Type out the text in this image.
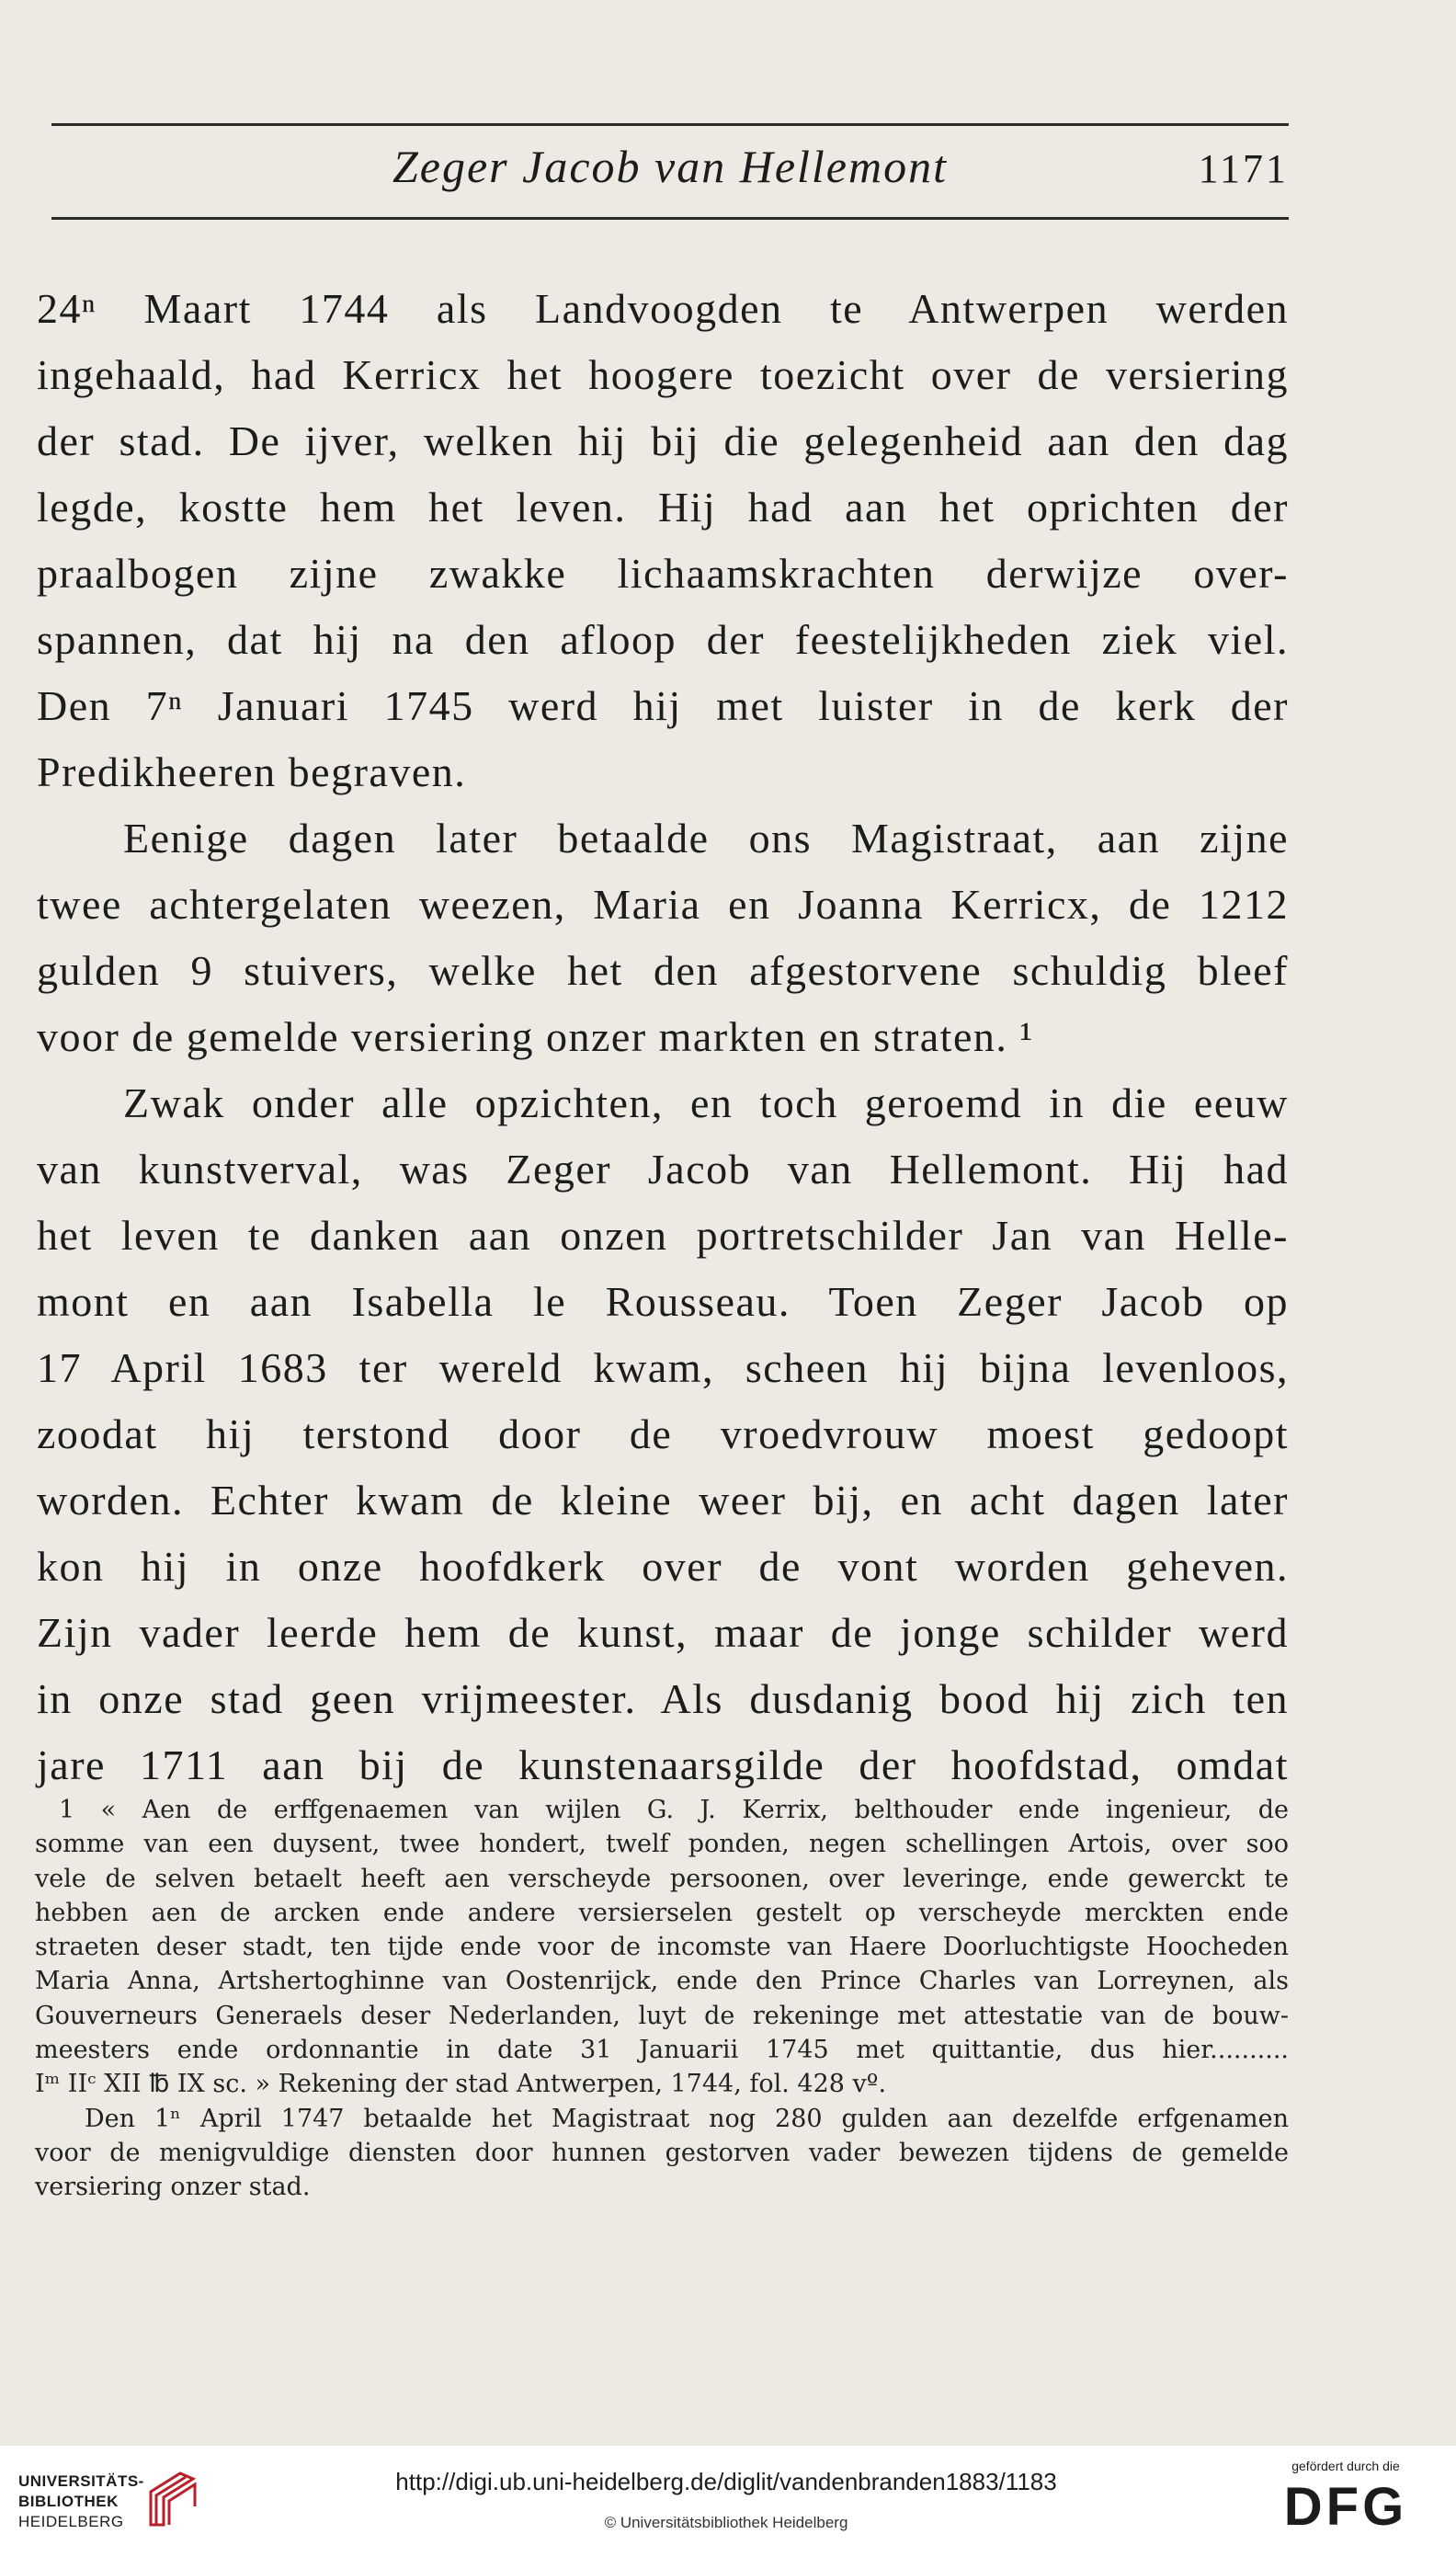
Zeger Jacob van Hellemont	1171
24ⁿ Maart 1744 als Landvoogden te Antwerpen werden
ingehaald, had Kerricx het hoogere toezicht over de versiering
der stad. De ijver, welken hij bij die gelegenheid aan den dag
legde, kostte hem het leven. Hij had aan het oprichten der
praalbogen zijne zwakke lichaamskrachten derwijze over-
spannen, dat hij na den afloop der feestelijkheden ziek viel.
Den 7ⁿ Januari 1745 werd hij met luister in de kerk der
Predikheeren begraven.
Eenige dagen later betaalde ons Magistraat, aan zijne
twee achtergelaten weezen, Maria en Joanna Kerricx, de 1212
gulden 9 stuivers, welke het den afgestorvene schuldig bleef
voor de gemelde versiering onzer markten en straten. ¹
Zwak onder alle opzichten, en toch geroemd in die eeuw
van kunstverval, was Zeger Jacob van Hellemont. Hij had
het leven te danken aan onzen portretschilder Jan van Helle-
mont en aan Isabella le Rousseau. Toen Zeger Jacob op
17 April 1683 ter wereld kwam, scheen hij bijna levenloos,
zoodat hij terstond door de vroedvrouw moest gedoopt
worden. Echter kwam de kleine weer bij, en acht dagen later
kon hij in onze hoofdkerk over de vont worden geheven.
Zijn vader leerde hem de kunst, maar de jonge schilder werd
in onze stad geen vrijmeester. Als dusdanig bood hij zich ten
jare 1711 aan bij de kunstenaarsgilde der hoofdstad, omdat
1 « Aen de erffgenaemen van wijlen G. J. Kerrix, belthouder ende ingenieur, de
somme van een duysent, twee hondert, twelf ponden, negen schellingen Artois, over soo
vele de selven betaelt heeft aen verscheyde persoonen, over leveringe, ende gewerckt te
hebben aen de arcken ende andere versierselen gestelt op verscheyde merckten ende
straeten deser stadt, ten tijde ende voor de incomste van Haere Doorluchtigste Hoocheden
Maria Anna, Artshertoghinne van Oostenrijck, ende den Prince Charles van Lorreynen, als
Gouverneurs Generaels deser Nederlanden, luyt de rekeninge met attestatie van de bouw-
meesters ende ordonnantie in date 31 Januarii 1745 met quittantie, dus hier..........
Iᵐ IIᶜ XII ℔ IX sc. » Rekening der stad Antwerpen, 1744, fol. 428 vº.
Den 1ⁿ April 1747 betaalde het Magistraat nog 280 gulden aan dezelfde erfgenamen
voor de menigvuldige diensten door hunnen gestorven vader bewezen tijdens de gemelde
versiering onzer stad.
UNIVERSITÄTS-
BIBLIOTHEK
HEIDELBERG
http://digi.ub.uni-heidelberg.de/diglit/vandenbranden1883/1183
© Universitätsbibliothek Heidelberg
gefördert durch die
DFG
